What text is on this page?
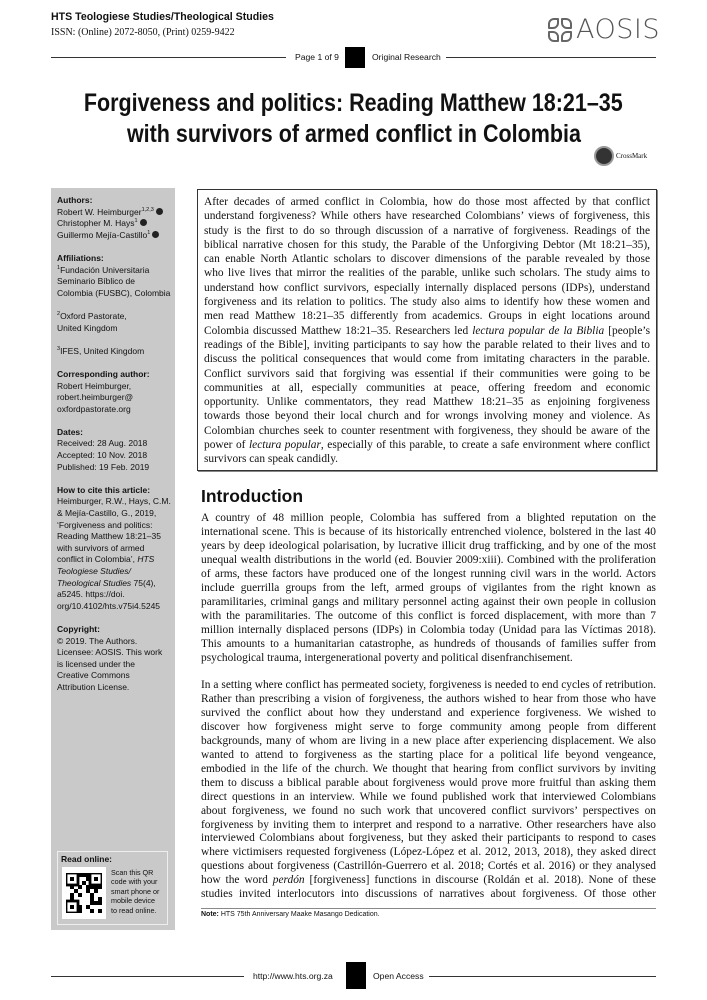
HTS Teologiese Studies/Theological Studies
ISSN: (Online) 2072-8050, (Print) 0259-9422	AOSIS
Page 1 of 9	Original Research
Forgiveness and politics: Reading Matthew 18:21–35
with survivors of armed conflict in Colombia
CrossMark
Authors:
Robert W. Heimburger$^{1,2,3}$
Christopher M. Hays$^1$
Guillermo Mejía-Castillo$^1$
Affiliations:
$^1$Fundación Universitaria
Seminario Bíblico de
Colombia (FUSBC), Colombia
$^2$Oxford Pastorate,
United Kingdom
$^3$IFES, United Kingdom
Corresponding author:
Robert Heimburger,
robert.heimburger@
oxfordpastorate.org
Dates:
Received: 28 Aug. 2018
Accepted: 10 Nov. 2018
Published: 19 Feb. 2019
How to cite this article:
Heimburger, R.W., Hays, C.M.
& Mejía-Castillo, G., 2019,
‘Forgiveness and politics:
Reading Matthew 18:21–35
with survivors of armed
conflict in Colombia’, HTS
Teologiese Studies/
Theological Studies 75(4),
a5245. https://doi.
org/10.4102/hts.v75i4.5245
Copyright:
© 2019. The Authors.
Licensee: AOSIS. This work
is licensed under the
Creative Commons
Attribution License.
Read online:
Scan this QR
code with your
smart phone or
mobile device
to read online.
After decades of armed conflict in Colombia, how do those most affected by that conflict
understand forgiveness? While others have researched Colombians’ views of forgiveness, this
study is the first to do so through discussion of a narrative of forgiveness. Readings of the
biblical narrative chosen for this study, the Parable of the Unforgiving Debtor (Mt 18:21–35),
can enable North Atlantic scholars to discover dimensions of the parable revealed by those
who live lives that mirror the realities of the parable, unlike such scholars. The study aims to
understand how conflict survivors, especially internally displaced persons (IDPs), understand
forgiveness and its relation to politics. The study also aims to identify how these women and
men read Matthew 18:21–35 differently from academics. Groups in eight locations around
Colombia discussed Matthew 18:21–35. Researchers led lectura popular de la Biblia [people’s
readings of the Bible], inviting participants to say how the parable related to their lives and to
discuss the political consequences that would come from imitating characters in the parable.
Conflict survivors said that forgiving was essential if their communities were going to be
communities at all, especially communities at peace, offering freedom and economic
opportunity. Unlike commentators, they read Matthew 18:21–35 as enjoining forgiveness
towards those beyond their local church and for wrongs involving money and violence. As
Colombian churches seek to counter resentment with forgiveness, they should be aware of the
power of lectura popular, especially of this parable, to create a safe environment where conflict
survivors can speak candidly.
Introduction
A country of 48 million people, Colombia has suffered from a blighted reputation on the
international scene. This is because of its historically entrenched violence, bolstered in the last 40
years by deep ideological polarisation, by lucrative illicit drug trafficking, and by one of the most
unequal wealth distributions in the world (ed. Bouvier 2009:xiii). Combined with the proliferation
of arms, these factors have produced one of the longest running civil wars in the world. Actors
include guerrilla groups from the left, armed groups of vigilantes from the right known as
paramilitaries, criminal gangs and military personnel acting against their own people in collusion
with the paramilitaries. The outcome of this conflict is forced displacement, with more than 7
million internally displaced persons (IDPs) in Colombia today (Unidad para las Víctimas 2018).
This amounts to a humanitarian catastrophe, as hundreds of thousands of families suffer from
psychological trauma, intergenerational poverty and political disenfranchisement.
In a setting where conflict has permeated society, forgiveness is needed to end cycles of retribution.
Rather than prescribing a vision of forgiveness, the authors wished to hear from those who have
survived the conflict about how they understand and experience forgiveness. We wished to
discover how forgiveness might serve to forge community among people from different
backgrounds, many of whom are living in a new place after experiencing displacement. We also
wanted to attend to forgiveness as the starting place for a political life beyond vengeance,
embodied in the life of the church. We thought that hearing from conflict survivors by inviting
them to discuss a biblical parable about forgiveness would prove more fruitful than asking them
direct questions in an interview. While we found published work that interviewed Colombians
about forgiveness, we found no such work that uncovered conflict survivors’ perspectives on
forgiveness by inviting them to interpret and respond to a narrative. Other researchers have also
interviewed Colombians about forgiveness, but they asked their participants to respond to cases
where victimisers requested forgiveness (López-López et al. 2012, 2013, 2018), they asked direct
questions about forgiveness (Castrillón-Guerrero et al. 2018; Cortés et al. 2016) or they analysed
how the word perdón [forgiveness] functions in discourse (Roldán et al. 2018). None of these
studies invited interlocutors into discussions of narratives about forgiveness. Of those other
Note: HTS 75th Anniversary Maake Masango Dedication.
http://www.hts.org.za	Open Access
